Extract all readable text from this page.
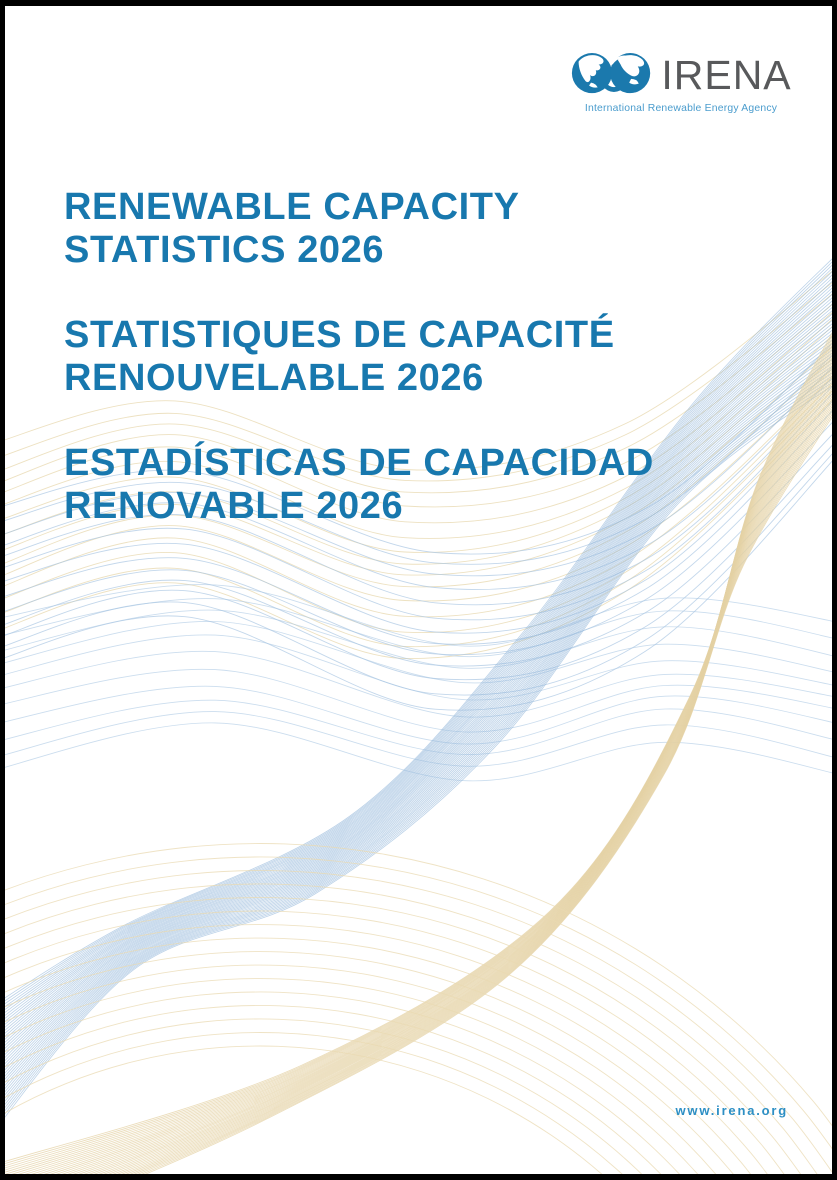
IRENA
International Renewable Energy Agency
RENEWABLE CAPACITY
STATISTICS 2026
STATISTIQUES DE CAPACITÉ
RENOUVELABLE 2026
ESTADÍSTICAS DE CAPACIDAD
RENOVABLE 2026
www.irena.org
